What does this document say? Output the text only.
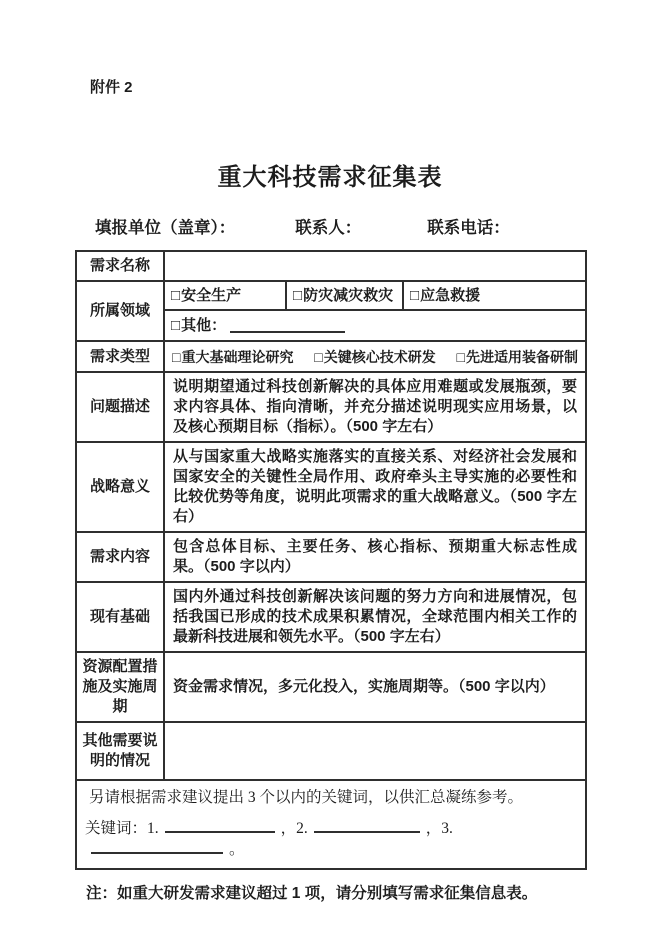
附件 2
重大科技需求征集表
填报单位（盖章）：	联系人：	联系电话：
需求名称	
所属领域	
□ 安全生产	□ 防灾减灾救灾 □ 应急救援
□ 其他：

需求类型	□重大基础理论研究 □关键核心技术研发 □先进适用装备研制

问题描述	说明期望通过科技创新解决的具体应用难题或发展瓶颈，要求内容具体、指向清晰，并充分描述说明现实应用场景，以及核心预期目标（指标）。（500 字左右）
战略意义	从与国家重大战略实施落实的直接关系、对经济社会发展和国家安全的关键性全局作用、政府牵头主导实施的必要性和比较优势等角度，说明此项需求的重大战略意义。（500 字左右）
需求内容	包含总体目标、主要任务、核心指标、预期重大标志性成果。（500 字以内）
现有基础	国内外通过科技创新解决该问题的努力方向和进展情况，包括我国已形成的技术成果积累情况，全球范围内相关工作的最新科技进展和领先水平。（500 字左右）
资源配置措施及实施周期	资金需求情况，多元化投入，实施周期等。（500 字以内）
其他需要说明的情况	

另请根据需求建议提出 3 个以内的关键词，以供汇总凝练参考。
关键词：1. ，2. ，3.。	
注：如重大研发需求建议超过 1 项，请分别填写需求征集信息表。
